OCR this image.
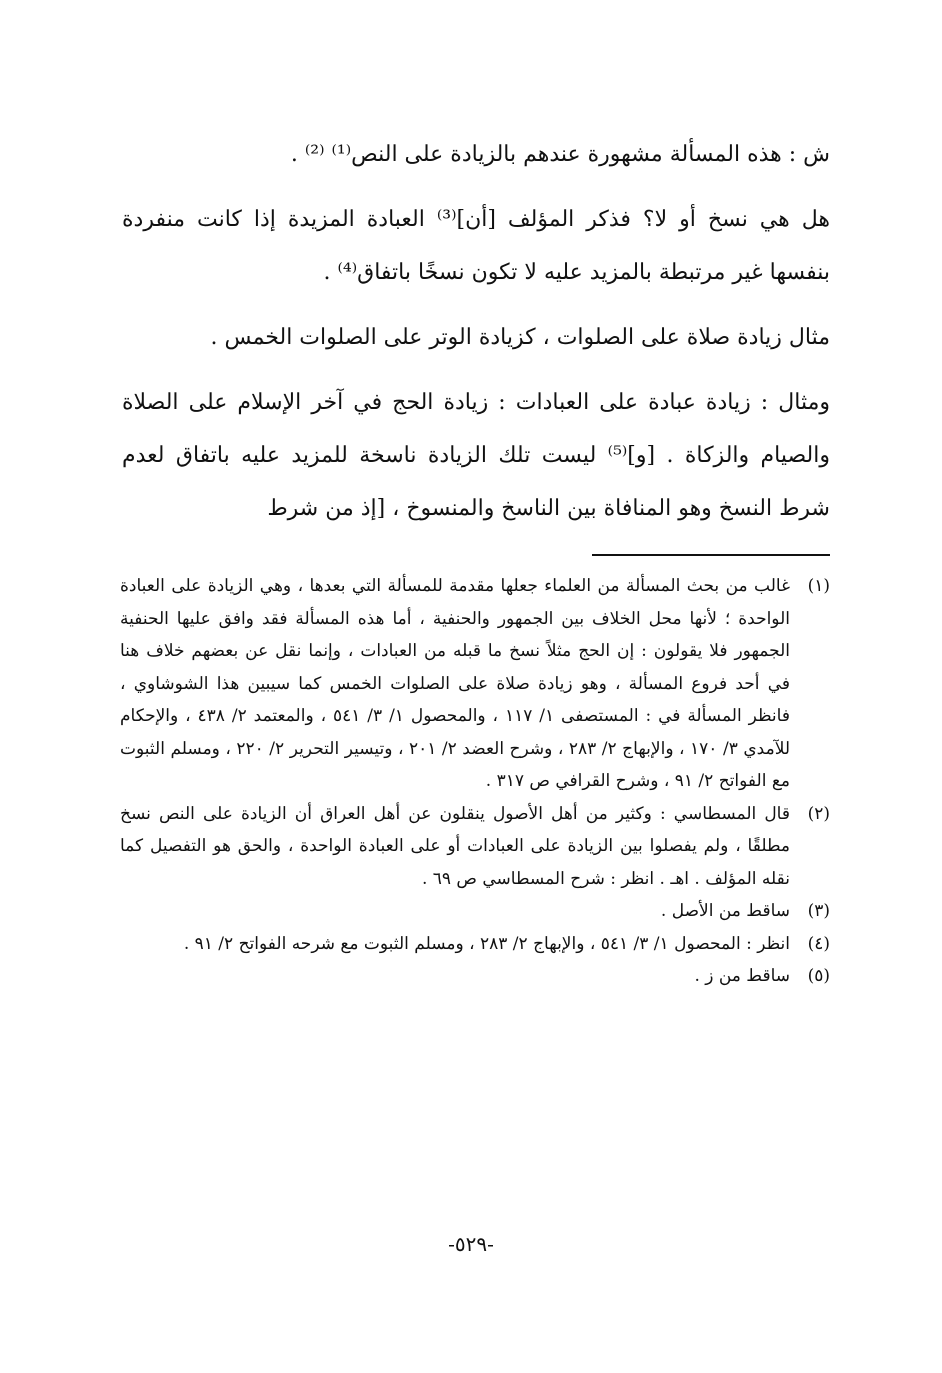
ش : هذه المسألة مشهورة عندهم بالزيادة على النص⁽¹⁾ ⁽²⁾ .

هل هي نسخ أو لا؟ فذكر المؤلف [أن]⁽³⁾ العبادة المزيدة إذا كانت منفردة بنفسها غير مرتبطة بالمزيد عليه لا تكون نسخًا باتفاق⁽⁴⁾ .

مثال زيادة صلاة على الصلوات ، كزيادة الوتر على الصلوات الخمس .

ومثال : زيادة عبادة على العبادات : زيادة الحج في آخر الإسلام على الصلاة والصيام والزكاة . [و]⁽⁵⁾ ليست تلك الزيادة ناسخة للمزيد عليه باتفاق لعدم شرط النسخ وهو المنافاة بين الناسخ والمنسوخ ، [إذ من شرط

(١)
غالب من بحث المسألة من العلماء جعلها مقدمة للمسألة التي بعدها ، وهي الزيادة على العبادة الواحدة ؛ لأنها محل الخلاف بين الجمهور والحنفية ، أما هذه المسألة فقد وافق عليها الحنفية الجمهور فلا يقولون : إن الحج مثلاً نسخ ما قبله من العبادات ، وإنما نقل عن بعضهم خلاف هنا في أحد فروع المسألة ، وهو زيادة صلاة على الصلوات الخمس كما سيبين هذا الشوشاوي ، فانظر المسألة في : المستصفى ١/ ١١٧ ، والمحصول ١/ ٣/ ٥٤١ ، والمعتمد ٢/ ٤٣٨ ، والإحكام للآمدي ٣/ ١٧٠ ، والإبهاج ٢/ ٢٨٣ ، وشرح العضد ٢/ ٢٠١ ، وتيسير التحرير ٢/ ٢٢٠ ، ومسلم الثبوت مع الفواتح ٢/ ٩١ ، وشرح القرافي ص ٣١٧ .
(٢)
قال المسطاسي : وكثير من أهل الأصول ينقلون عن أهل العراق أن الزيادة على النص نسخ مطلقًا ، ولم يفصلوا بين الزيادة على العبادات أو على العبادة الواحدة ، والحق هو التفصيل كما نقله المؤلف . اهـ . انظر : شرح المسطاسي ص ٦٩ .
(٣)
ساقط من الأصل .
(٤)
انظر : المحصول ١/ ٣/ ٥٤١ ، والإبهاج ٢/ ٢٨٣ ، ومسلم الثبوت مع شرحه الفواتح ٢/ ٩١ .
(٥)
ساقط من ز .
-٥٢٩-
